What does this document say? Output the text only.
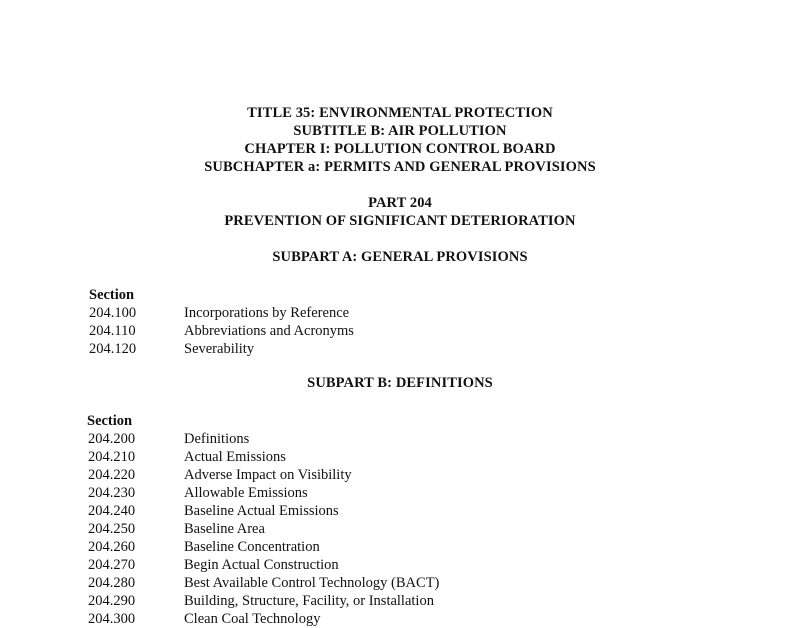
TITLE 35: ENVIRONMENTAL PROTECTION
SUBTITLE B: AIR POLLUTION
CHAPTER I: POLLUTION CONTROL BOARD
SUBCHAPTER a: PERMITS AND GENERAL PROVISIONS
PART 204
PREVENTION OF SIGNIFICANT DETERIORATION
SUBPART A: GENERAL PROVISIONS
Section
204.100	Incorporations by Reference
204.110	Abbreviations and Acronyms
204.120	Severability
SUBPART B: DEFINITIONS
Section
204.200	Definitions
204.210	Actual Emissions
204.220	Adverse Impact on Visibility
204.230	Allowable Emissions
204.240	Baseline Actual Emissions
204.250	Baseline Area
204.260	Baseline Concentration
204.270	Begin Actual Construction
204.280	Best Available Control Technology (BACT)
204.290	Building, Structure, Facility, or Installation
204.300	Clean Coal Technology
